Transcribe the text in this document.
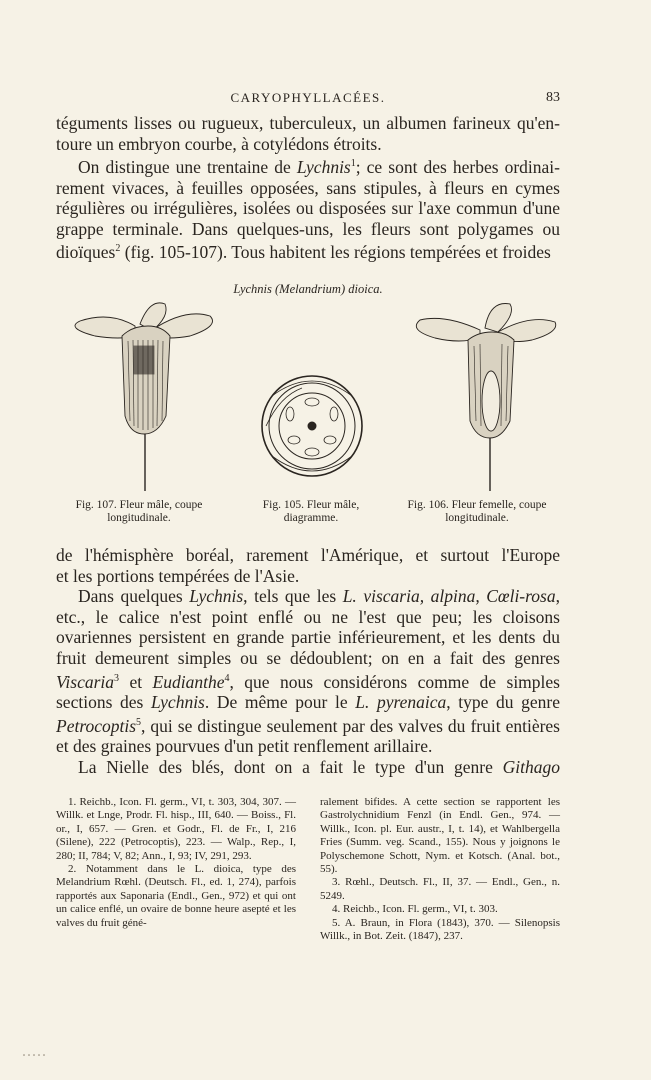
CARYOPHYLLACÉES.	83

téguments lisses ou rugueux, tuberculeux, un albumen farineux qu'en-

toure un embryon courbe, à cotylédons étroits.

On distingue une trentaine de Lychnis$^1$; ce sont des herbes ordinai-rement vivaces, à feuilles opposées, sans stipules, à fleurs en cymes régulières ou irrégulières, isolées ou disposées sur l'axe commun d'une grappe terminale. Dans quelques-uns, les fleurs sont polygames ou dioïques$^2$ (fig. 105-107). Tous habitent les régions tempérées et froides

Lychnis (Melandrium) dioica.
Fig. 107. Fleur mâle, coupe
longitudinale.
Fig. 105. Fleur mâle,
diagramme.
Fig. 106. Fleur femelle, coupe
longitudinale.

de l'hémisphère boréal, rarement l'Amérique, et surtout l'Europe

et les portions tempérées de l'Asie.

Dans quelques Lychnis, tels que les L. viscaria, alpina, Cœli-rosa, etc., le calice n'est point enflé ou ne l'est que peu; les cloisons ovariennes persistent en grande partie inférieurement, et les dents du fruit demeurent simples ou se dédoublent; on en a fait des genres Viscaria$^3$ et Eudianthe$^4$, que nous considérons comme de simples sections des Lychnis. De même pour le L. pyrenaica, type du genre Petrocoptis$^5$, qui se distingue seulement par des valves du fruit entières et des graines pourvues d'un petit renflement arillaire.

La Nielle des blés, dont on a fait le type d'un genre Githago

1. Reichb., Icon. Fl. germ., VI, t. 303, 304, 307. — Willk. et Lnge, Prodr. Fl. hisp., III, 640. — Boiss., Fl. or., I, 657. — Gren. et Godr., Fl. de Fr., I, 216 (Silene), 222 (Petrocoptis), 223. — Walp., Rep., I, 280; II, 784; V, 82; Ann., I, 93; IV, 291, 293.

2. Notamment dans le L. dioica, type des Melandrium Rœhl. (Deutsch. Fl., ed. 1, 274), parfois rapportés aux Saponaria (Endl., Gen., 972) et qui ont un calice enflé, un ovaire de bonne heure asepté et les valves du fruit géné-

ralement bifides. A cette section se rapportent les Gastrolychnidium Fenzl (in Endl. Gen., 974. — Willk., Icon. pl. Eur. austr., I, t. 14), et Wahlbergella Fries (Summ. veg. Scand., 155). Nous y joignons le Polyschemone Schott, Nym. et Kotsch. (Anal. bot., 55).

3. Rœhl., Deutsch. Fl., II, 37. — Endl., Gen., n. 5249.

4. Reichb., Icon. Fl. germ., VI, t. 303.

5. A. Braun, in Flora (1843), 370. — Silenopsis Willk., in Bot. Zeit. (1847), 237.
